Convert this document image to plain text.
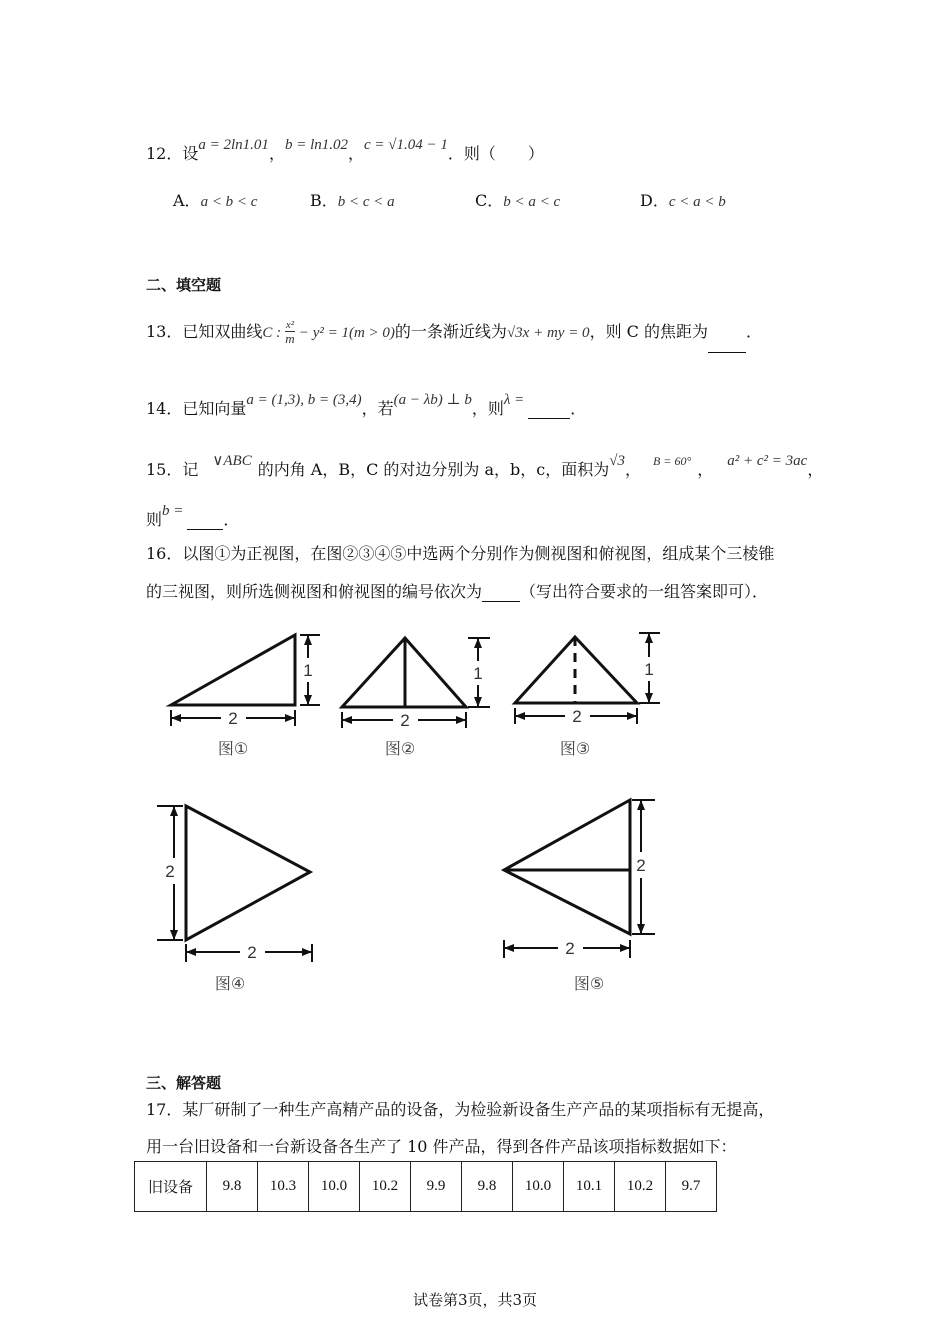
12．设a = 2ln1.01，b = ln1.02，c = √1.04 − 1．则（　　）
A．a < b < c	B．b < c < a	C．b < a < c	D．c < a < b
二、填空题
13．已知双曲线C : $\frac{\text{x²}}{m} - y^2 = 1(m > 0)$的一条渐近线为√3x + my = 0，则 C 的焦距为 ．
14．已知向量a = (1,3), b = (3,4)，若(a − λb) ⊥ b，则λ =	．
15．记 ∨ABC 的内角 A，B，C 的对边分别为 a，b，c，面积为√3， $^{B = 60^\circ}$ ， a² + c² = 3ac，
则b =	．
16．以图①为正视图，在图②③④⑤中选两个分别作为侧视图和俯视图，组成某个三棱锥
的三视图，则所选侧视图和俯视图的编号依次为 （写出符合要求的一组答案即可）．
2
1
2
1
2
1
2
2
2
2
图①	图②	图③
图④	图⑤
三、解答题
17．某厂研制了一种生产高精产品的设备，为检验新设备生产产品的某项指标有无提高，
用一台旧设备和一台新设备各生产了 10 件产品，得到各件产品该项指标数据如下：
旧设备	9.8	10.3	10.0	10.2	9.9	9.8	10.0	10.1	10.2	9.7
试卷第3页，共3页
